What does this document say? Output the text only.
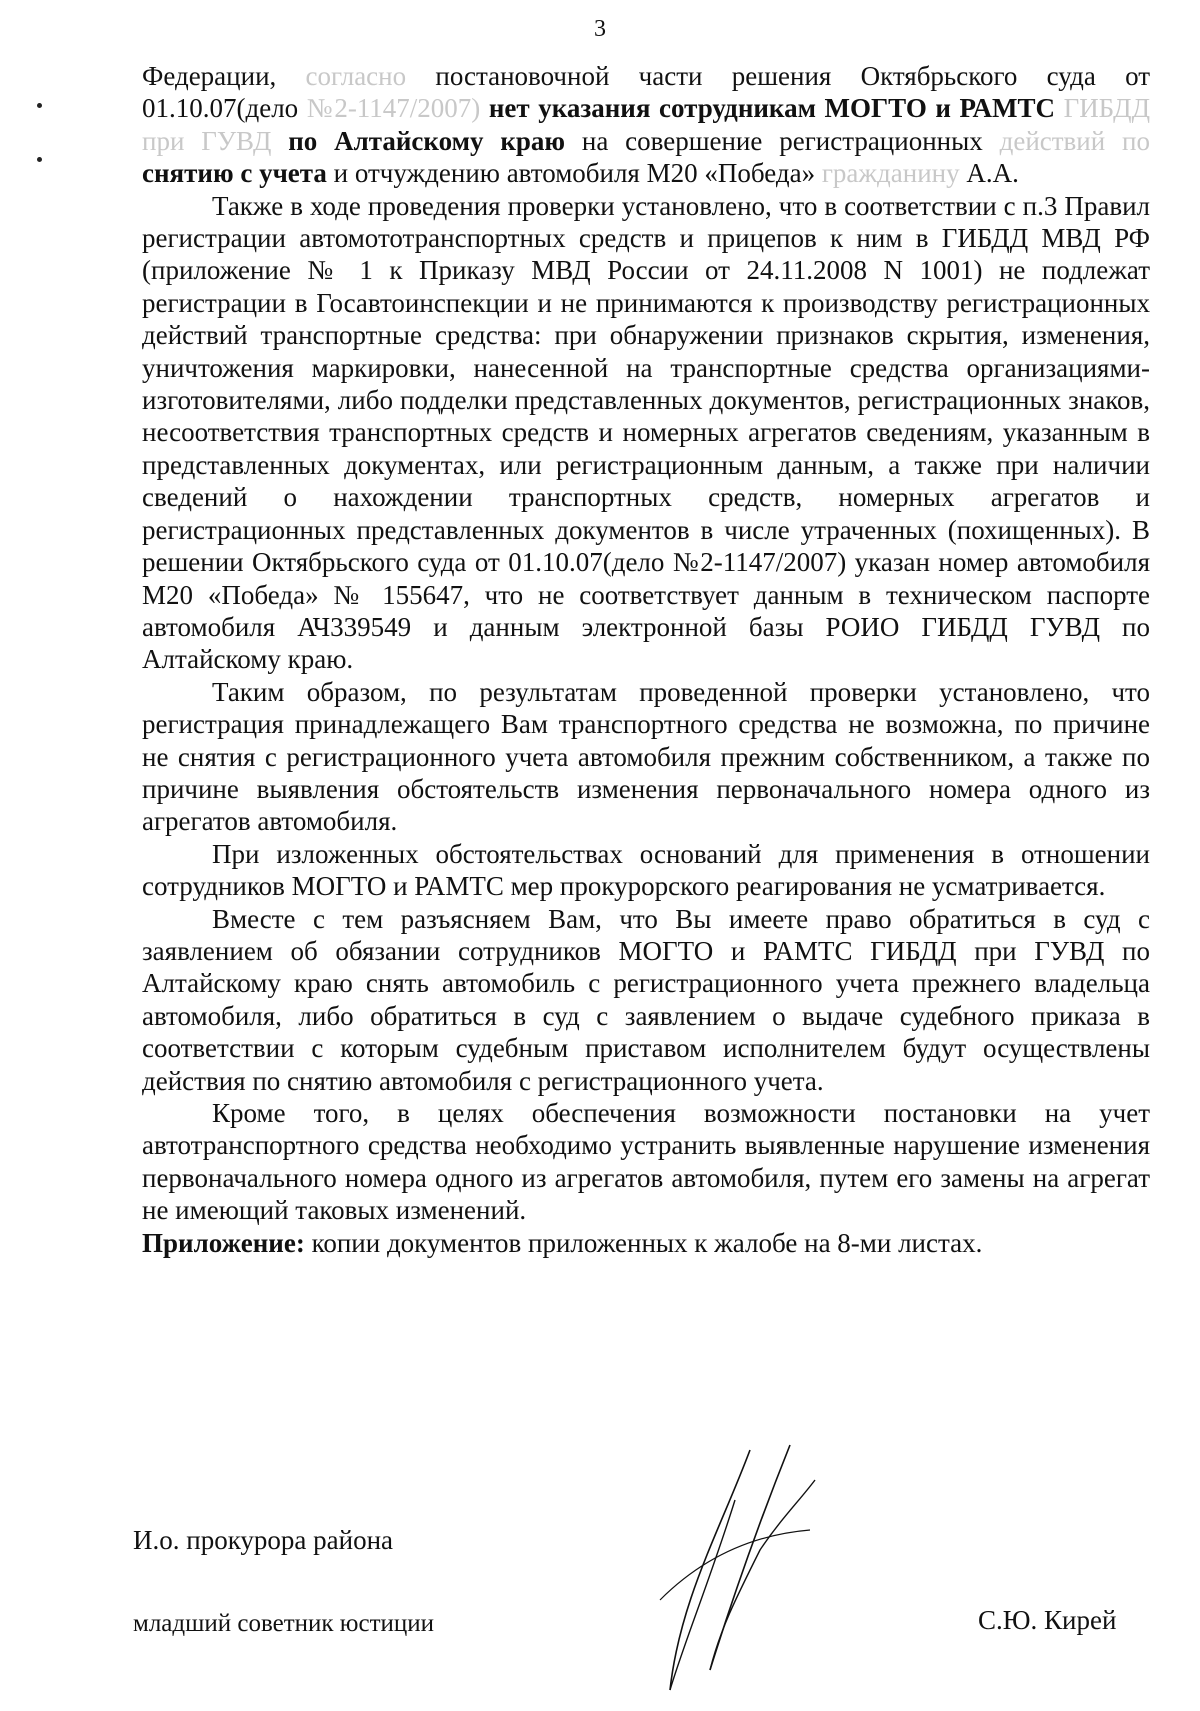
3

Федерации, согласно постановочной части решения Октябрьского суда от 01.10.07(дело №2-1147/2007) нет указания сотрудникам МОГТО и РАМТС ГИБДД при ГУВД по Алтайскому краю на совершение регистрационных действий по снятию с учета и отчуждению автомобиля М20 «Победа» гражданину А.А.

Также в ходе проведения проверки установлено, что в соответствии с п.3 Правил регистрации автомототранспортных средств и прицепов к ним в ГИБДД МВД РФ (приложение № 1 к Приказу МВД России от 24.11.2008 N 1001) не подлежат регистрации в Госавтоинспекции и не принимаются к производству регистрационных действий транспортные средства: при обнаружении признаков скрытия, изменения, уничтожения маркировки, нанесенной на транспортные средства организациями-изготовителями, либо подделки представленных документов, регистрационных знаков, несоответствия транспортных средств и номерных агрегатов сведениям, указанным в представленных документах, или регистрационным данным, а также при наличии сведений о нахождении транспортных средств, номерных агрегатов и регистрационных представленных документов в числе утраченных (похищенных). В решении Октябрьского суда от 01.10.07(дело №2-1147/2007) указан номер автомобиля М20 «Победа» № 155647, что не соответствует данным в техническом паспорте автомобиля АЧ339549 и данным электронной базы РОИО ГИБДД ГУВД по Алтайскому краю.

Таким образом, по результатам проведенной проверки установлено, что регистрация принадлежащего Вам транспортного средства не возможна, по причине не снятия с регистрационного учета автомобиля прежним собственником, а также по причине выявления обстоятельств изменения первоначального номера одного из агрегатов автомобиля.

При изложенных обстоятельствах оснований для применения в отношении сотрудников МОГТО и РАМТС мер прокурорского реагирования не усматривается.

Вместе с тем разъясняем Вам, что Вы имеете право обратиться в суд с заявлением об обязании сотрудников МОГТО и РАМТС ГИБДД при ГУВД по Алтайскому краю снять автомобиль с регистрационного учета прежнего владельца автомобиля, либо обратиться в суд с заявлением о выдаче судебного приказа в соответствии с которым судебным приставом исполнителем будут осуществлены действия по снятию автомобиля с регистрационного учета.

Кроме того, в целях обеспечения возможности постановки на учет автотранспортного средства необходимо устранить выявленные нарушение изменения первоначального номера одного из агрегатов автомобиля, путем его замены на агрегат не имеющий таковых изменений.

Приложение: копии документов приложенных к жалобе на 8-ми листах.

И.о. прокурора района
младший советник юстиции	С.Ю. Кирей
